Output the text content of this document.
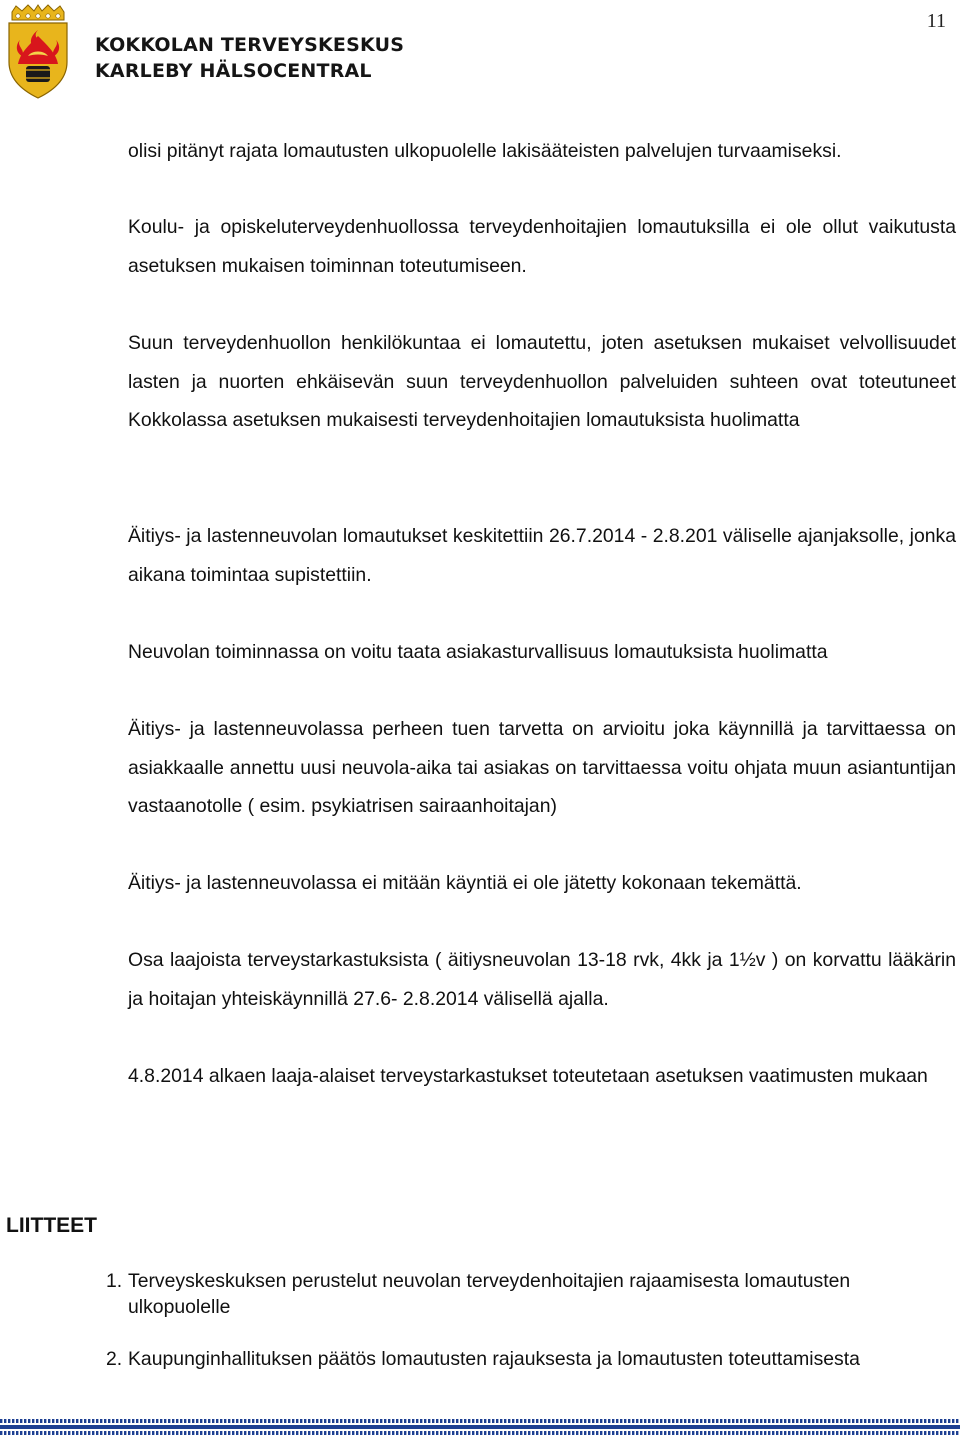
11
KOKKOLAN TERVEYSKESKUS
KARLEBY HÄLSOCENTRAL
olisi pitänyt rajata lomautusten ulkopuolelle lakisääteisten palvelujen turvaamiseksi.
Koulu- ja opiskeluterveydenhuollossa terveydenhoitajien lomautuksilla ei ole ollut vaikutusta asetuksen mukaisen toiminnan toteutumiseen.
Suun terveydenhuollon henkilökuntaa ei lomautettu, joten asetuksen mukaiset velvollisuudet lasten ja nuorten ehkäisevän suun terveydenhuollon palveluiden suhteen ovat toteutuneet Kokkolassa asetuksen mukaisesti terveydenhoitajien lomautuksista huolimatta
Äitiys- ja lastenneuvolan lomautukset keskitettiin 26.7.2014 - 2.8.201 väliselle ajanjaksolle, jonka aikana toimintaa supistettiin.
Neuvolan toiminnassa on voitu taata asiakasturvallisuus lomautuksista huolimatta
Äitiys- ja lastenneuvolassa perheen tuen tarvetta on arvioitu joka käynnillä ja tarvittaessa on asiakkaalle annettu uusi neuvola-aika tai asiakas on tarvittaessa voitu ohjata muun asiantuntijan vastaanotolle ( esim. psykiatrisen sairaanhoitajan)
Äitiys- ja lastenneuvolassa ei mitään käyntiä ei ole jätetty kokonaan tekemättä.
Osa laajoista terveystarkastuksista ( äitiysneuvolan 13-18 rvk, 4kk ja 1½v ) on korvattu lääkärin ja hoitajan yhteiskäynnillä 27.6- 2.8.2014 välisellä ajalla.
4.8.2014 alkaen laaja-alaiset terveystarkastukset toteutetaan asetuksen vaatimusten mukaan
LIITTEET
1. Terveyskeskuksen perustelut neuvolan terveydenhoitajien rajaamisesta lomautusten ulkopuolelle
2. Kaupunginhallituksen päätös lomautusten rajauksesta ja lomautusten toteuttamisesta
